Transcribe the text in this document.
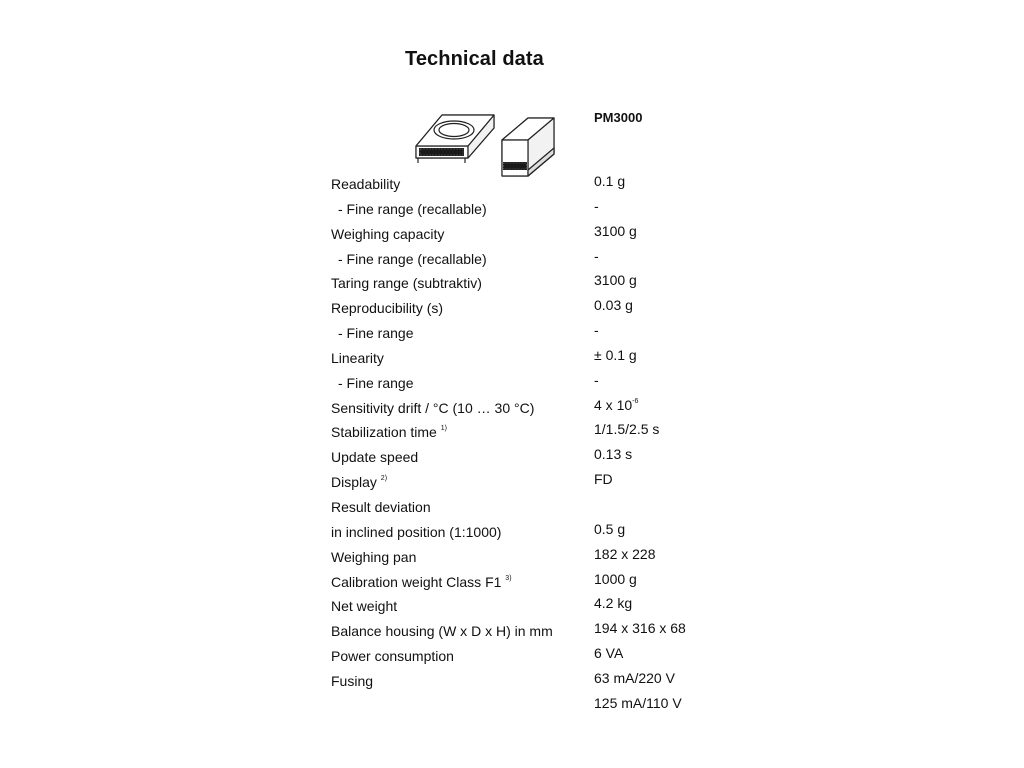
Technical data
PM3000
Readability	0.1 g
- Fine range (recallable)	-
Weighing capacity	3100 g
- Fine range (recallable)	-
Taring range (subtraktiv)	3100 g
Reproducibility (s)	0.03 g
- Fine range	-
Linearity	± 0.1 g
- Fine range	-
Sensitivity drift / °C (10 … 30 °C)	4 x $10^{-6}$
Stabilization time $^{1)}$	1/1.5/2.5 s
Update speed	0.13 s
Display $^{2)}$	FD
Result deviation
in inclined position (1:1000)	0.5 g
Weighing pan	182 x 228
Calibration weight Class F1 $^{3)}$	1000 g
Net weight	4.2 kg
Balance housing (W x D x H) in mm	194 x 316 x 68
Power consumption	6 VA
Fusing	63 mA/220 V
125 mA/110 V
